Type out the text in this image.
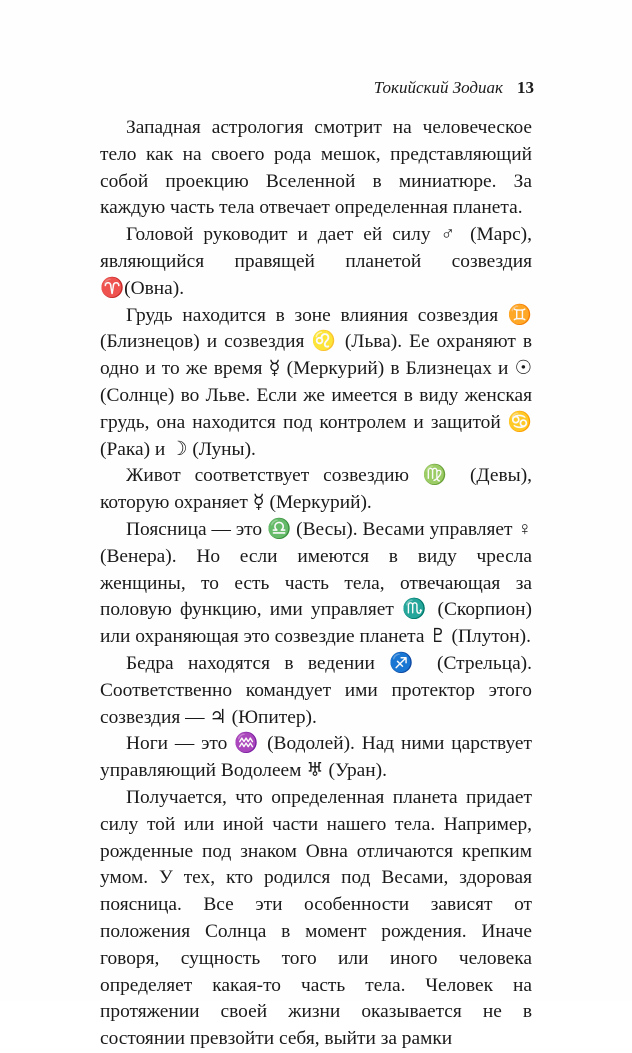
Токийский Зодиак 13

Западная астрология смотрит на человеческое тело как на своего рода мешок, представляющий собой проекцию Вселенной в миниатюре. За каждую часть тела отвечает определенная планета.

Головой руководит и дает ей силу ♂ (Марс), являющийся правящей планетой созвездия ♈(Овна).

Грудь находится в зоне влияния созвездия ♊ (Близнецов) и созвездия ♌ (Льва). Ее охраняют в одно и то же время ☿ (Меркурий) в Близнецах и ☉ (Солнце) во Льве. Если же имеется в виду женская грудь, она находится под контролем и защитой ♋ (Рака) и ☽ (Луны).

Живот соответствует созвездию ♍ (Девы), которую охраняет ☿ (Меркурий).

Поясница — это ♎ (Весы). Весами управляет ♀ (Венера). Но если имеются в виду чресла женщины, то есть часть тела, отвечающая за половую функцию, ими управляет ♏ (Скорпион) или охраняющая это созвездие планета ♇ (Плутон).

Бедра находятся в ведении ♐ (Стрельца). Соответственно командует ими протектор этого созвездия — ♃ (Юпитер).

Ноги — это ♒ (Водолей). Над ними царствует управляющий Водолеем ♅ (Уран).

Получается, что определенная планета придает силу той или иной части нашего тела. Например, рожденные под знаком Овна отличаются крепким умом. У тех, кто родился под Весами, здоровая поясница. Все эти особенности зависят от положения Солнца в момент рождения. Иначе говоря, сущность того или иного человека определяет какая-то часть тела. Человек на протяжении своей жизни оказывается не в состоянии превзойти себя, выйти за рамки
